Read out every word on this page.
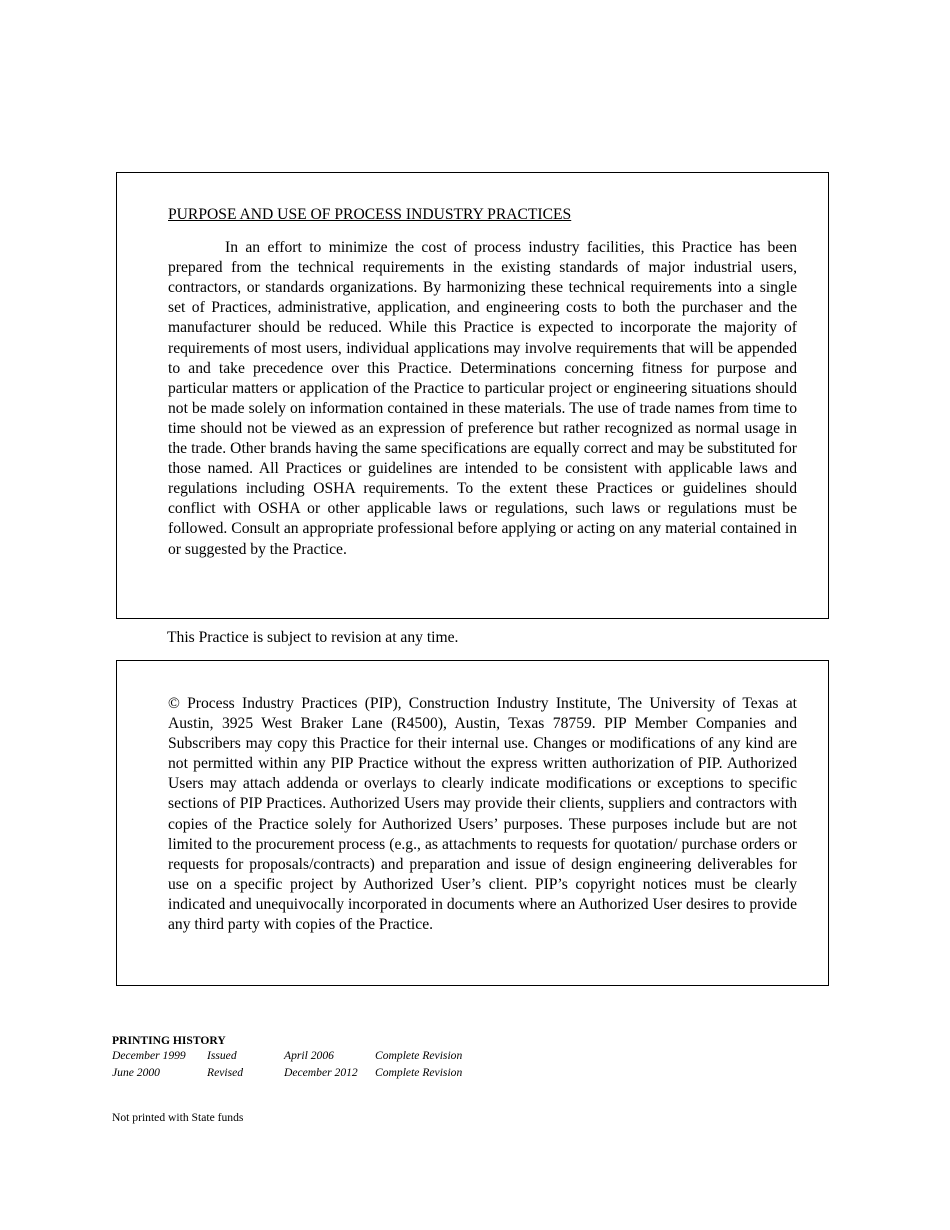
PURPOSE AND USE OF PROCESS INDUSTRY PRACTICES

In an effort to minimize the cost of process industry facilities, this Practice has been prepared from the technical requirements in the existing standards of major industrial users, contractors, or standards organizations. By harmonizing these technical requirements into a single set of Practices, administrative, application, and engineering costs to both the purchaser and the manufacturer should be reduced. While this Practice is expected to incorporate the majority of requirements of most users, individual applications may involve requirements that will be appended to and take precedence over this Practice. Determinations concerning fitness for purpose and particular matters or application of the Practice to particular project or engineering situations should not be made solely on information contained in these materials. The use of trade names from time to time should not be viewed as an expression of preference but rather recognized as normal usage in the trade. Other brands having the same specifications are equally correct and may be substituted for those named. All Practices or guidelines are intended to be consistent with applicable laws and regulations including OSHA requirements. To the extent these Practices or guidelines should conflict with OSHA or other applicable laws or regulations, such laws or regulations must be followed. Consult an appropriate professional before applying or acting on any material contained in or suggested by the Practice.

This Practice is subject to revision at any time.

© Process Industry Practices (PIP), Construction Industry Institute, The University of Texas at Austin, 3925 West Braker Lane (R4500), Austin, Texas 78759. PIP Member Companies and Subscribers may copy this Practice for their internal use. Changes or modifications of any kind are not permitted within any PIP Practice without the express written authorization of PIP. Authorized Users may attach addenda or overlays to clearly indicate modifications or exceptions to specific sections of PIP Practices. Authorized Users may provide their clients, suppliers and contractors with copies of the Practice solely for Authorized Users’ purposes. These purposes include but are not limited to the procurement process (e.g., as attachments to requests for quotation/ purchase orders or requests for proposals/contracts) and preparation and issue of design engineering deliverables for use on a specific project by Authorized User’s client. PIP’s copyright notices must be clearly indicated and unequivocally incorporated in documents where an Authorized User desires to provide any third party with copies of the Practice.

PRINTING HISTORY
December 1999	Issued	April 2006	Complete Revision
June 2000	Revised	December 2012	Complete Revision
Not printed with State funds
